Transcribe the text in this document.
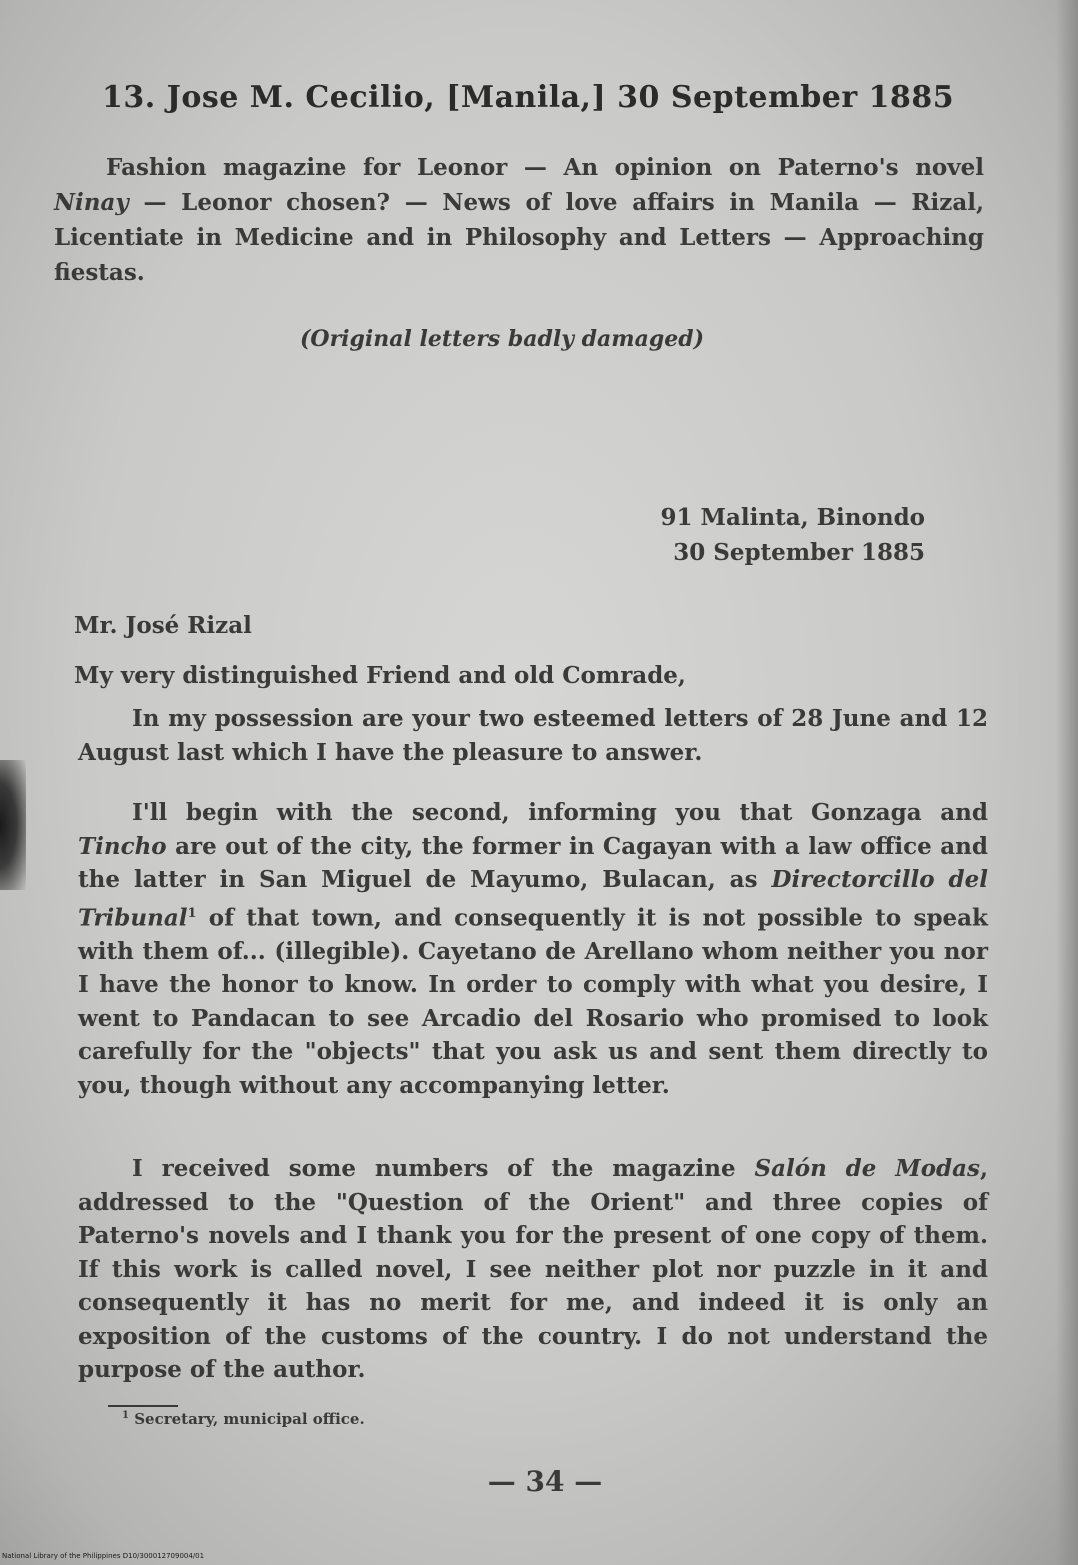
13. Jose M. Cecilio, [Manila,] 30 September 1885

Fashion magazine for Leonor — An opinion on Paterno's novel Ninay — Leonor chosen? — News of love affairs in Manila — Rizal, Licentiate in Medicine and in Philosophy and Letters — Approaching fiestas.

(Original letters badly damaged)

91 Malinta, Binondo
30 September 1885

Mr. José Rizal

My very distinguished Friend and old Comrade,

In my possession are your two esteemed letters of 28 June and 12 August last which I have the pleasure to answer.

I'll begin with the second, informing you that Gonzaga and Tincho are out of the city, the former in Cagayan with a law office and the latter in San Miguel de Mayumo, Bulacan, as Directorcillo del Tribunal$^1$ of that town, and consequently it is not possible to speak with them of... (illegible). Cayetano de Arellano whom neither you nor I have the honor to know. In order to comply with what you desire, I went to Pandacan to see Arcadio del Rosario who promised to look carefully for the "objects" that you ask us and sent them directly to you, though without any accompanying letter.

I received some numbers of the magazine Salón de Modas, addressed to the "Question of the Orient" and three copies of Paterno's novels and I thank you for the present of one copy of them. If this work is called novel, I see neither plot nor puzzle in it and consequently it has no merit for me, and indeed it is only an exposition of the customs of the country. I do not understand the purpose of the author.

$^1$ Secretary, municipal office.

— 34 —

National Library of the Philippines D10/300012709004/01
